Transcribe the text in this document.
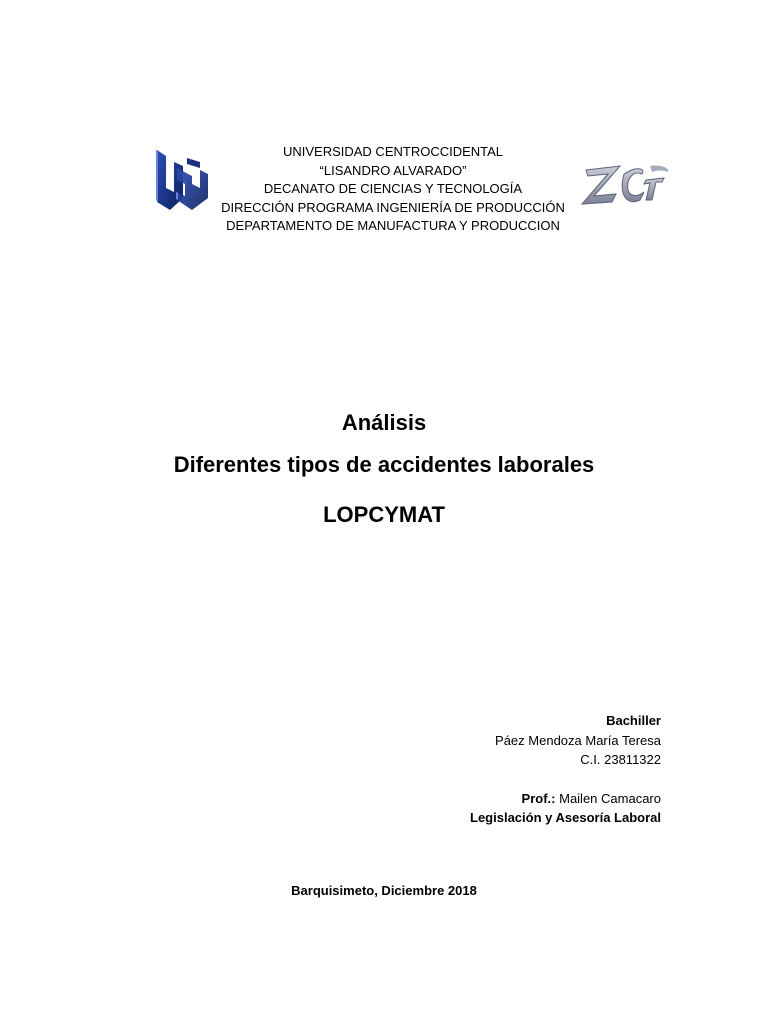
UNIVERSIDAD CENTROCCIDENTAL
“LISANDRO ALVARADO”
DECANATO DE CIENCIAS Y TECNOLOGÍA
DIRECCIÓN PROGRAMA INGENIERÍA DE PRODUCCIÓN
DEPARTAMENTO DE MANUFACTURA Y PRODUCCION
Análisis
Diferentes tipos de accidentes laborales
LOPCYMAT
Bachiller
Páez Mendoza María Teresa
C.I. 23811322
Prof.: Mailen Camacaro
Legislación y Asesoría Laboral
Barquisimeto, Diciembre 2018
